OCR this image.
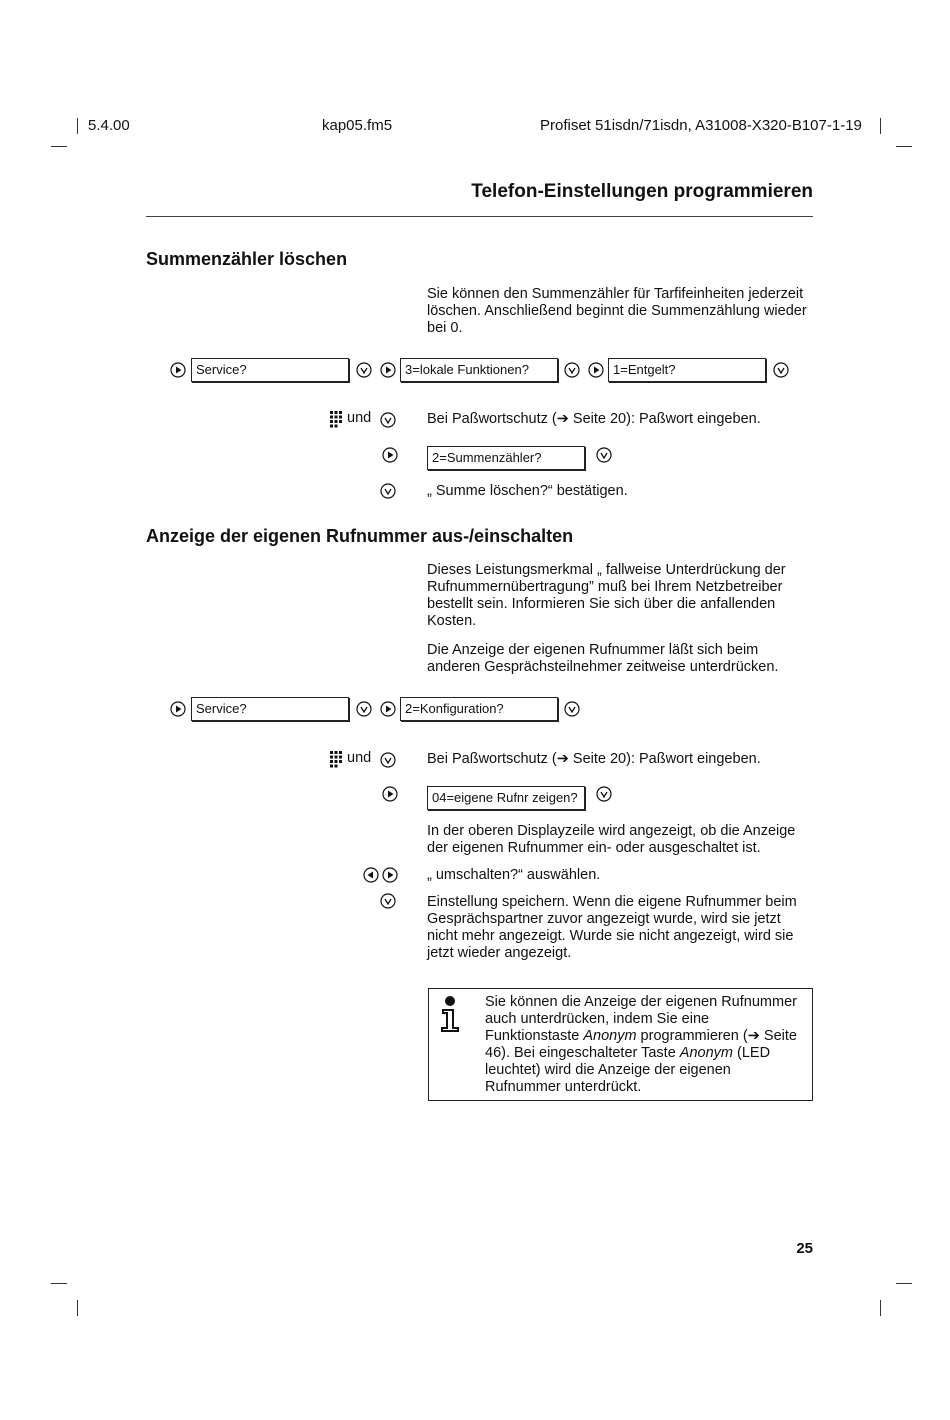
5.4.00	kap05.fm5	Profiset 51isdn/71isdn, A31008-X320-B107-1-19
Telefon-Einstellungen programmieren
Summenzähler löschen
Sie können den Summenzähler für Tarfifeinheiten jederzeit löschen. Anschließend beginnt die Summenzählung wieder bei 0.
Service?	3=lokale Funktionen?	1=Entgelt?
und	Bei Paßwortschutz (➔ Seite 20): Paßwort eingeben.
2=Summenzähler?
„ Summe löschen?“ bestätigen.
Anzeige der eigenen Rufnummer aus-/einschalten
Dieses Leistungsmerkmal „ fallweise Unterdrückung der Rufnummernübertragung” muß bei Ihrem Netzbetreiber bestellt sein. Informieren Sie sich über die anfallenden Kosten.
Die Anzeige der eigenen Rufnummer läßt sich beim anderen Gesprächsteilnehmer zeitweise unterdrücken.
Service?	2=Konfiguration?
und	Bei Paßwortschutz (➔ Seite 20): Paßwort eingeben.
04=eigene Rufnr zeigen?
In der oberen Displayzeile wird angezeigt, ob die Anzeige der eigenen Rufnummer ein- oder ausgeschaltet ist.
„ umschalten?“ auswählen.
Einstellung speichern. Wenn die eigene Rufnummer beim Gesprächspartner zuvor angezeigt wurde, wird sie jetzt nicht mehr angezeigt. Wurde sie nicht angezeigt, wird sie jetzt wieder angezeigt.
Sie können die Anzeige der eigenen Rufnummer auch unterdrücken, indem Sie eine Funktionstaste Anonym programmieren (➔ Seite 46). Bei eingeschalteter Taste Anonym (LED leuchtet) wird die Anzeige der eigenen Rufnummer unterdrückt.
25
